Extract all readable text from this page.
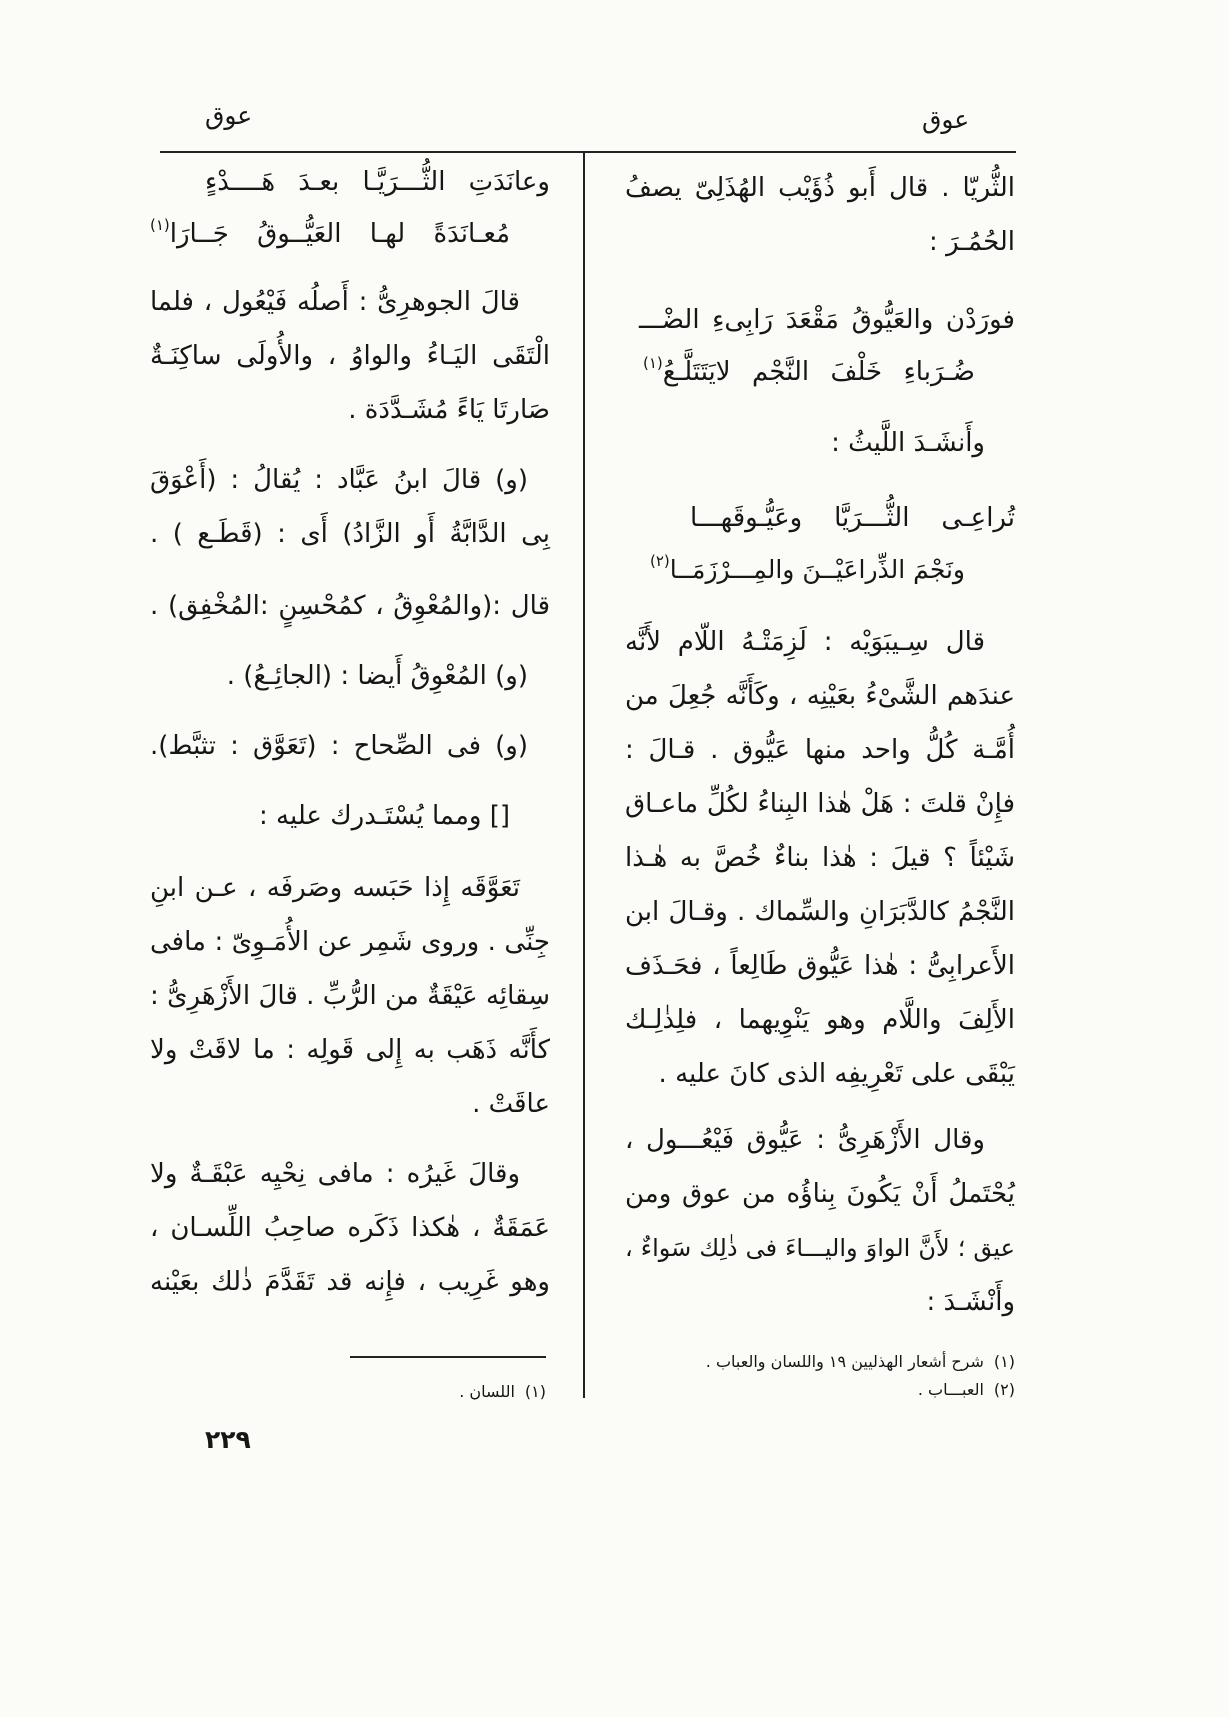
عوق
عوق
الثُّريّا . قال أَبو ذُؤَيْب الهُذَلِىّ يصفُ
الحُمُـرَ :
فورَدْن والعَيُّوقُ مَقْعَدَ رَابِىءِ الضْـــ
ضُـرَباءِ خَلْفَ النَّجْم لايَتَتَلَّـعُ$^{(١)}$
وأَنشَـدَ اللَّيثُ :
تُراعِـى الثُّـــرَيَّا وعَيُّـوقَهـــا
ونَجْمَ الذِّراعَيْــنَ والمِـــرْزَمَــا$^{(٢)}$
قال سِـيبَوَيْه : لَزِمَتْـهُ اللّام لأَنَّه
عندَهم الشَّىْءُ بعَيْنِه ، وكَأَنَّه جُعِلَ من
أُمَّـة كُلُّ واحد منها عَيُّوق . قـالَ :
فإِنْ قلتَ : هَلْ هٰذا البِناءُ لكُلِّ ماعـاق
شَيْئاً ؟ قيلَ : هٰذا بناءٌ خُصَّ به هٰـذا
النَّجْمُ كالدَّبَرَانِ والسِّماك . وقـالَ ابن
الأَعرابِىُّ : هٰذا عَيُّوق طَالِعاً ، فحَـذَف
الأَلِفَ واللَّام وهو يَنْوِيهما ، فلِذٰلِـك
يَبْقَى على تَعْرِيفِه الذى كانَ عليه .
وقال الأَزْهَرِىُّ : عَيُّوق فَيْعُـــول ،
يُحْتَملُ أَنْ يَكُونَ بِناؤُه من عوق ومن
عيق ؛ لأَنَّ الواوَ واليـــاءَ فى ذٰلِك سَواءٌ ،
وأَنْشَـدَ :
(١)شرح أشعار الهذليين ١٩ واللسان والعباب .
(٢)العبـــاب .
وعانَدَتِ الثُّـــرَيَّـا بعـدَ هَــــدْءٍ
مُعـانَدَةً لهـا العَيُّــوقُ جَــارَا$^{(١)}$
قالَ الجوهرِىُّ : أَصلُه فَيْعُول ، فلما
الْتَقَى اليَـاءُ والواوُ ، والأُولَى ساكِنَـةٌ
صَارتَا يَاءً مُشَـدَّدَة .
(و) قالَ ابنُ عَبَّاد : يُقالُ : (أَعْوَقَ
بِى الدَّابَّةُ أَو الزَّادُ) أَى : (قَطَـع ) .
قال :(والمُعْوِقُ ، كمُحْسِنٍ :المُخْفِق) .
(و) المُعْوِقُ أَيضا : (الجائِـعُ) .
(و) فى الصِّحاح : (تَعَوَّق : تثبَّط).
[] ومما يُسْتَـدرك عليه :
تَعَوَّقَه إِذا حَبَسه وصَرفَه ، عـن ابنِ
جِنِّى . وروى شَمِر عن الأُمَـوِىّ : مافى
سِقائِه عَيْقَةٌ من الرُّبِّ . قالَ الأَزْهَرِىُّ :
كأَنَّه ذَهَب به إِلى قَولِه : ما لاقَتْ ولا
عاقَتْ .
وقالَ غَيرُه : مافى نِحْيِه عَبْقَـةٌ ولا
عَمَقَةٌ ، هٰكذا ذَكَره صاحِبُ اللِّسـان ،
وهو غَرِيب ، فإِنه قد تَقَدَّمَ ذٰلك بعَيْنه
(١)اللسان .
٢٢٩
